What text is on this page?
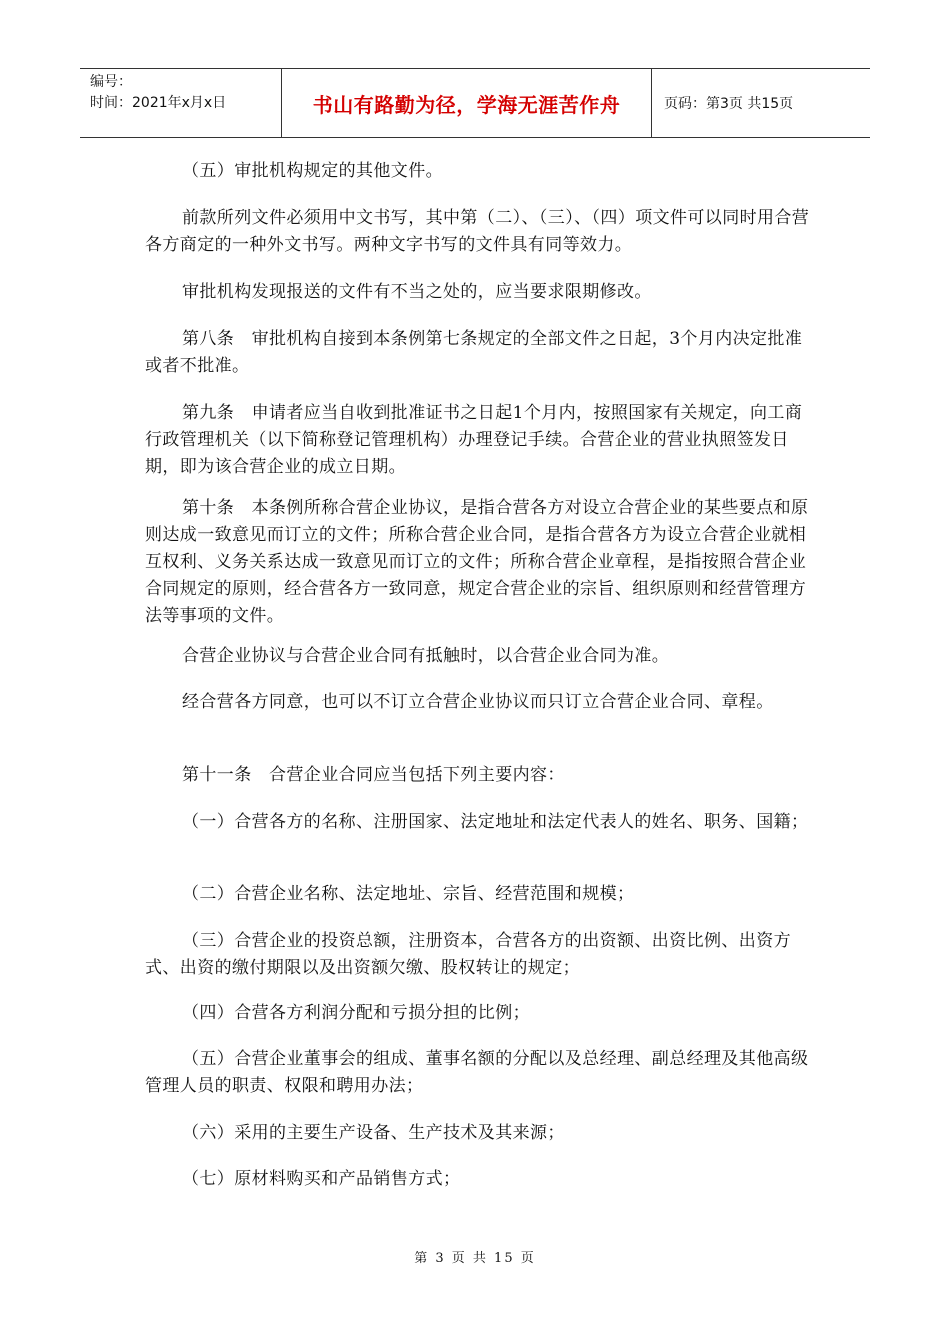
编号：
时间：2021年x月x日	书山有路勤为径，学海无涯苦作舟	页码：第3页 共15页

（五）审批机构规定的其他文件。

前款所列文件必须用中文书写，其中第（二）、（三）、（四）项文件可以同时用合营各方商定的一种外文书写。两种文字书写的文件具有同等效力。

审批机构发现报送的文件有不当之处的，应当要求限期修改。

第八条　审批机构自接到本条例第七条规定的全部文件之日起，3个月内决定批准或者不批准。

第九条　申请者应当自收到批准证书之日起1个月内，按照国家有关规定，向工商行政管理机关（以下简称登记管理机构）办理登记手续。合营企业的营业执照签发日期，即为该合营企业的成立日期。

第十条　本条例所称合营企业协议，是指合营各方对设立合营企业的某些要点和原则达成一致意见而订立的文件；所称合营企业合同，是指合营各方为设立合营企业就相互权利、义务关系达成一致意见而订立的文件；所称合营企业章程，是指按照合营企业合同规定的原则，经合营各方一致同意，规定合营企业的宗旨、组织原则和经营管理方法等事项的文件。

合营企业协议与合营企业合同有抵触时，以合营企业合同为准。

经合营各方同意，也可以不订立合营企业协议而只订立合营企业合同、章程。

第十一条　合营企业合同应当包括下列主要内容：

（一）合营各方的名称、注册国家、法定地址和法定代表人的姓名、职务、国籍；

（二）合营企业名称、法定地址、宗旨、经营范围和规模；

（三）合营企业的投资总额，注册资本，合营各方的出资额、出资比例、出资方式、出资的缴付期限以及出资额欠缴、股权转让的规定；

（四）合营各方利润分配和亏损分担的比例；

（五）合营企业董事会的组成、董事名额的分配以及总经理、副总经理及其他高级管理人员的职责、权限和聘用办法；

（六）采用的主要生产设备、生产技术及其来源；

（七）原材料购买和产品销售方式；

第 3 页 共 15 页
